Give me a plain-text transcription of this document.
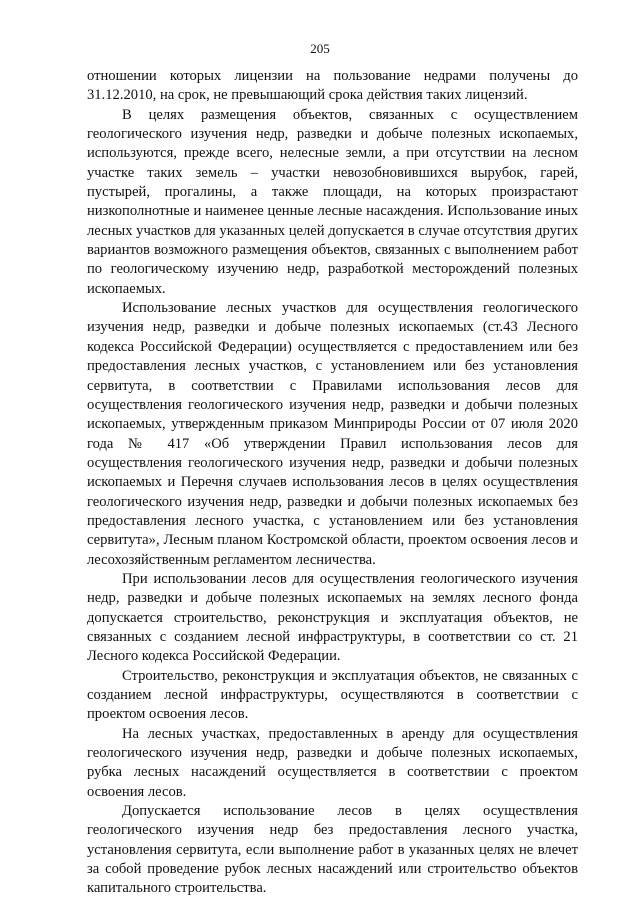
205

отношении которых лицензии на пользование недрами получены до 31.12.2010, на срок, не превышающий срока действия таких лицензий.

В целях размещения объектов, связанных с осуществлением геологического изучения недр, разведки и добыче полезных ископаемых, используются, прежде всего, нелесные земли, а при отсутствии на лесном участке таких земель – участки невозобновившихся вырубок, гарей, пустырей, прогалины, а также площади, на которых произрастают низкополнотные и наименее ценные лесные насаждения. Использование иных лесных участков для указанных целей допускается в случае отсутствия других вариантов возможного размещения объектов, связанных с выполнением работ по геологическому изучению недр, разработкой месторождений полезных ископаемых.

Использование лесных участков для осуществления геологического изучения недр, разведки и добыче полезных ископаемых (ст.43 Лесного кодекса Российской Федерации) осуществляется с предоставлением или без предоставления лесных участков, с установлением или без установления сервитута, в соответствии с Правилами использования лесов для осуществления геологического изучения недр, разведки и добычи полезных ископаемых, утвержденным приказом Минприроды России от 07 июля 2020 года № 417 «Об утверждении Правил использования лесов для осуществления геологического изучения недр, разведки и добычи полезных ископаемых и Перечня случаев использования лесов в целях осуществления геологического изучения недр, разведки и добычи полезных ископаемых без предоставления лесного участка, с установлением или без установления сервитута», Лесным планом Костромской области, проектом освоения лесов и лесохозяйственным регламентом лесничества.

При использовании лесов для осуществления геологического изучения недр, разведки и добыче полезных ископаемых на землях лесного фонда допускается строительство, реконструкция и эксплуатация объектов, не связанных с созданием лесной инфраструктуры, в соответствии со ст. 21 Лесного кодекса Российской Федерации.

Строительство, реконструкция и эксплуатация объектов, не связанных с созданием лесной инфраструктуры, осуществляются в соответствии с проектом освоения лесов.

На лесных участках, предоставленных в аренду для осуществления геологического изучения недр, разведки и добыче полезных ископаемых, рубка лесных насаждений осуществляется в соответствии с проектом освоения лесов.

Допускается использование лесов в целях осуществления геологического изучения недр без предоставления лесного участка, установления сервитута, если выполнение работ в указанных целях не влечет за собой проведение рубок лесных насаждений или строительство объектов капитального строительства.
